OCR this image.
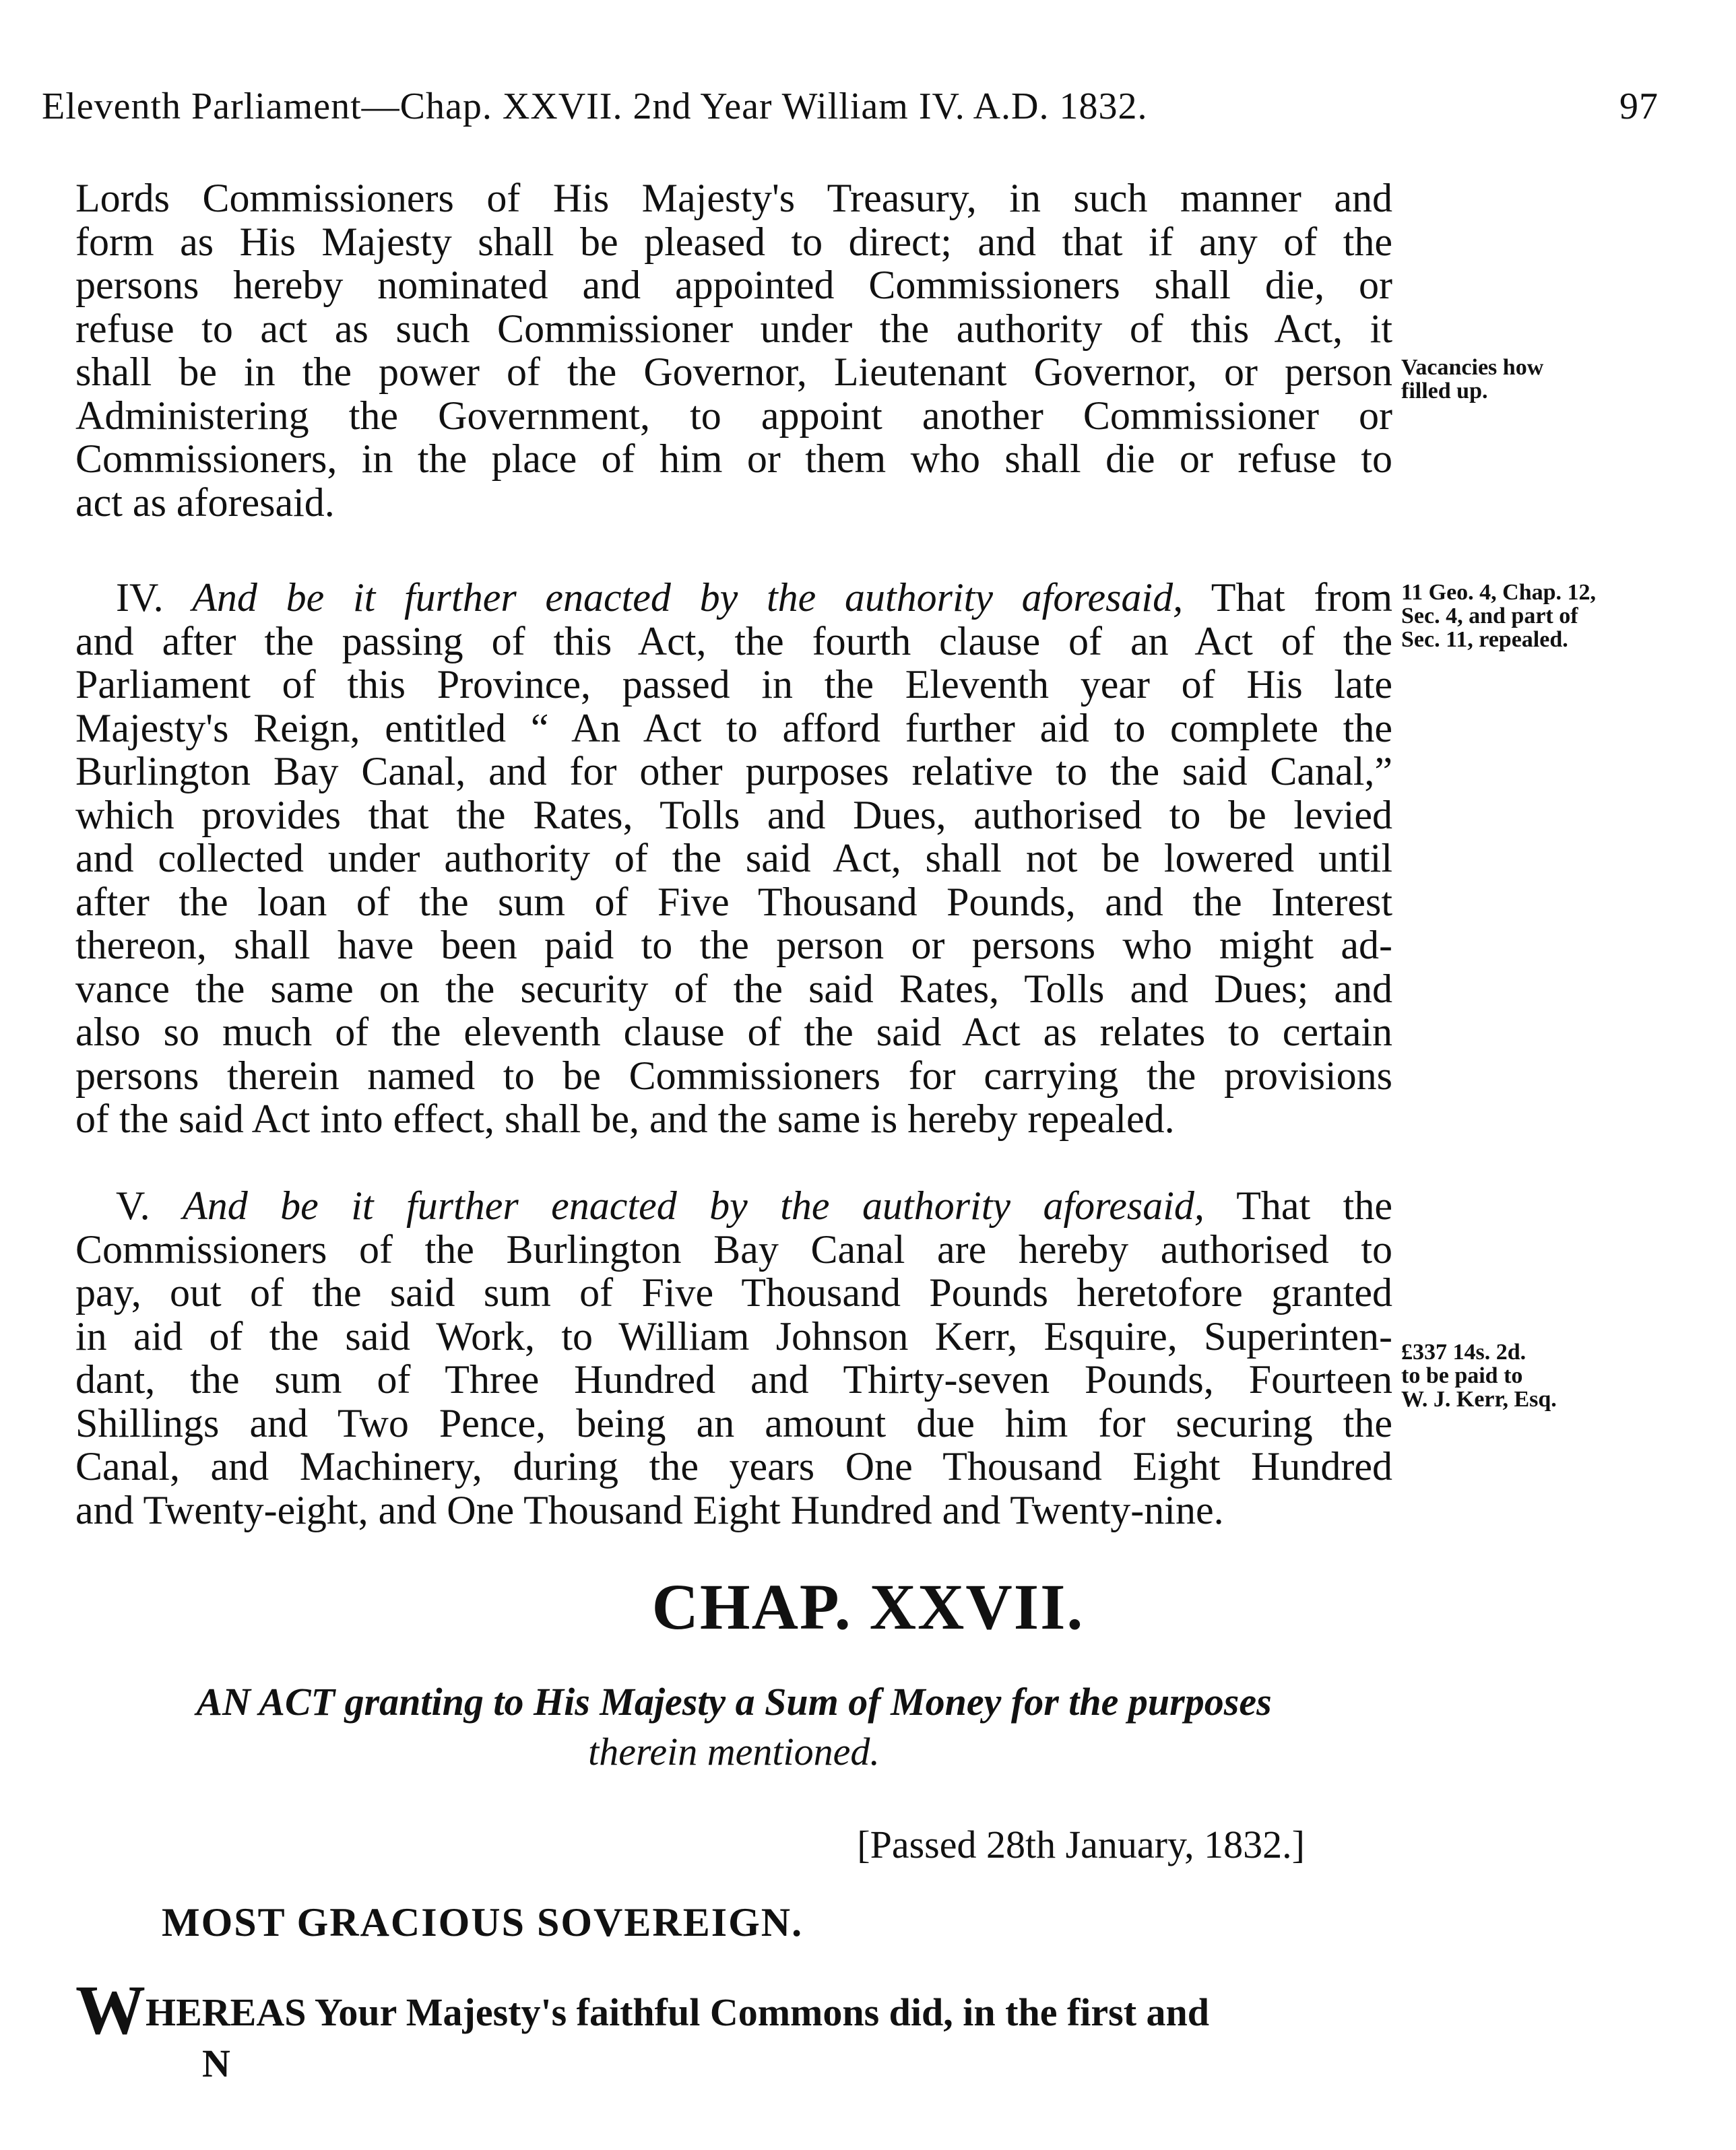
Eleventh Parliament—Chap. XXVII. 2nd Year William IV. A.D. 1832.	97
Lords Commissioners of His Majesty's Treasury, in such manner and
form as His Majesty shall be pleased to direct; and that if any of the
persons hereby nominated and appointed Commissioners shall die, or
refuse to act as such Commissioner under the authority of this Act, it
shall be in the power of the Governor, Lieutenant Governor, or person
Administering the Government, to appoint another Commissioner or
Commissioners, in the place of him or them who shall die or refuse to
act as aforesaid.
 IV. And be it further enacted by the authority aforesaid, That from
and after the passing of this Act, the fourth clause of an Act of the
Parliament of this Province, passed in the Eleventh year of His late
Majesty's Reign, entitled “ An Act to afford further aid to complete the
Burlington Bay Canal, and for other purposes relative to the said Canal,”
which provides that the Rates, Tolls and Dues, authorised to be levied
and collected under authority of the said Act, shall not be lowered until
after the loan of the sum of Five Thousand Pounds, and the Interest
thereon, shall have been paid to the person or persons who might ad-
vance the same on the security of the said Rates, Tolls and Dues; and
also so much of the eleventh clause of the said Act as relates to certain
persons therein named to be Commissioners for carrying the provisions
of the said Act into effect, shall be, and the same is hereby repealed.
 V. And be it further enacted by the authority aforesaid, That the
Commissioners of the Burlington Bay Canal are hereby authorised to
pay, out of the said sum of Five Thousand Pounds heretofore granted
in aid of the said Work, to William Johnson Kerr, Esquire, Superinten-
dant, the sum of Three Hundred and Thirty-seven Pounds, Fourteen
Shillings and Two Pence, being an amount due him for securing the
Canal, and Machinery, during the years One Thousand Eight Hundred
and Twenty-eight, and One Thousand Eight Hundred and Twenty-nine.
Vacancies how
filled up.
11 Geo. 4, Chap. 12,
Sec. 4, and part of
Sec. 11, repealed.
£337 14s. 2d.
to be paid to
W. J. Kerr, Esq.
CHAP. XXVII.
AN ACT granting to His Majesty a Sum of Money for the purposes
therein mentioned.
[Passed 28th January, 1832.]
MOST GRACIOUS SOVEREIGN.
WHEREAS Your Majesty's faithful Commons did, in the first and
N
